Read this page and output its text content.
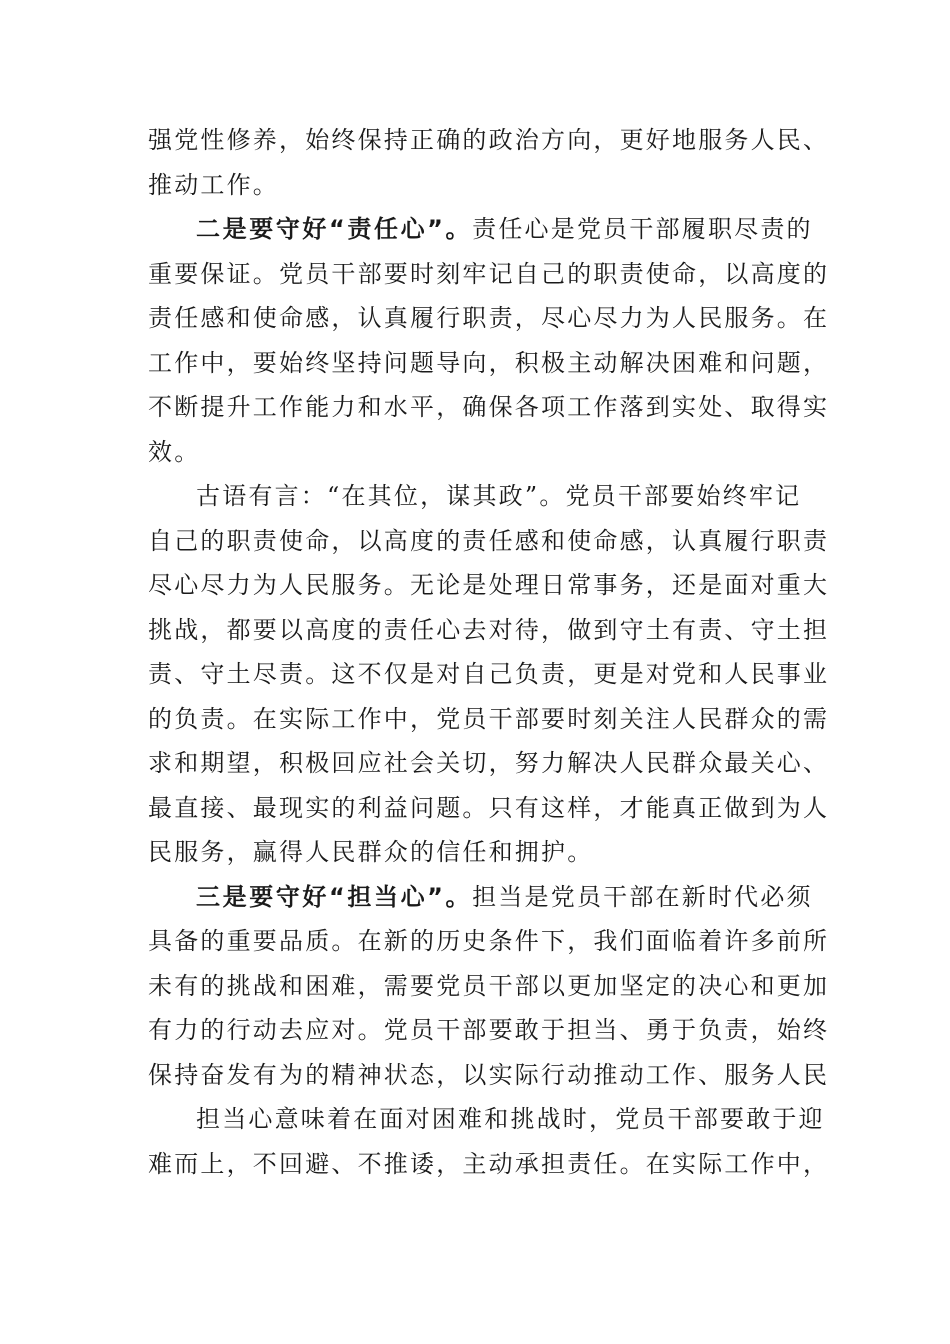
强党性修养，始终保持正确的政治方向，更好地服务人民、
推动工作。
二是要守好“责任心”。责任心是党员干部履职尽责的
重要保证。党员干部要时刻牢记自己的职责使命，以高度的
责任感和使命感，认真履行职责，尽心尽力为人民服务。在
工作中，要始终坚持问题导向，积极主动解决困难和问题，
不断提升工作能力和水平，确保各项工作落到实处、取得实
效。
古语有言：“在其位，谋其政”。党员干部要始终牢记
自己的职责使命，以高度的责任感和使命感，认真履行职责
尽心尽力为人民服务。无论是处理日常事务，还是面对重大
挑战，都要以高度的责任心去对待，做到守土有责、守土担
责、守土尽责。这不仅是对自己负责，更是对党和人民事业
的负责。在实际工作中，党员干部要时刻关注人民群众的需
求和期望，积极回应社会关切，努力解决人民群众最关心、
最直接、最现实的利益问题。只有这样，才能真正做到为人
民服务，赢得人民群众的信任和拥护。
三是要守好“担当心”。担当是党员干部在新时代必须
具备的重要品质。在新的历史条件下，我们面临着许多前所
未有的挑战和困难，需要党员干部以更加坚定的决心和更加
有力的行动去应对。党员干部要敢于担当、勇于负责，始终
保持奋发有为的精神状态，以实际行动推动工作、服务人民
担当心意味着在面对困难和挑战时，党员干部要敢于迎
难而上，不回避、不推诿，主动承担责任。在实际工作中，
